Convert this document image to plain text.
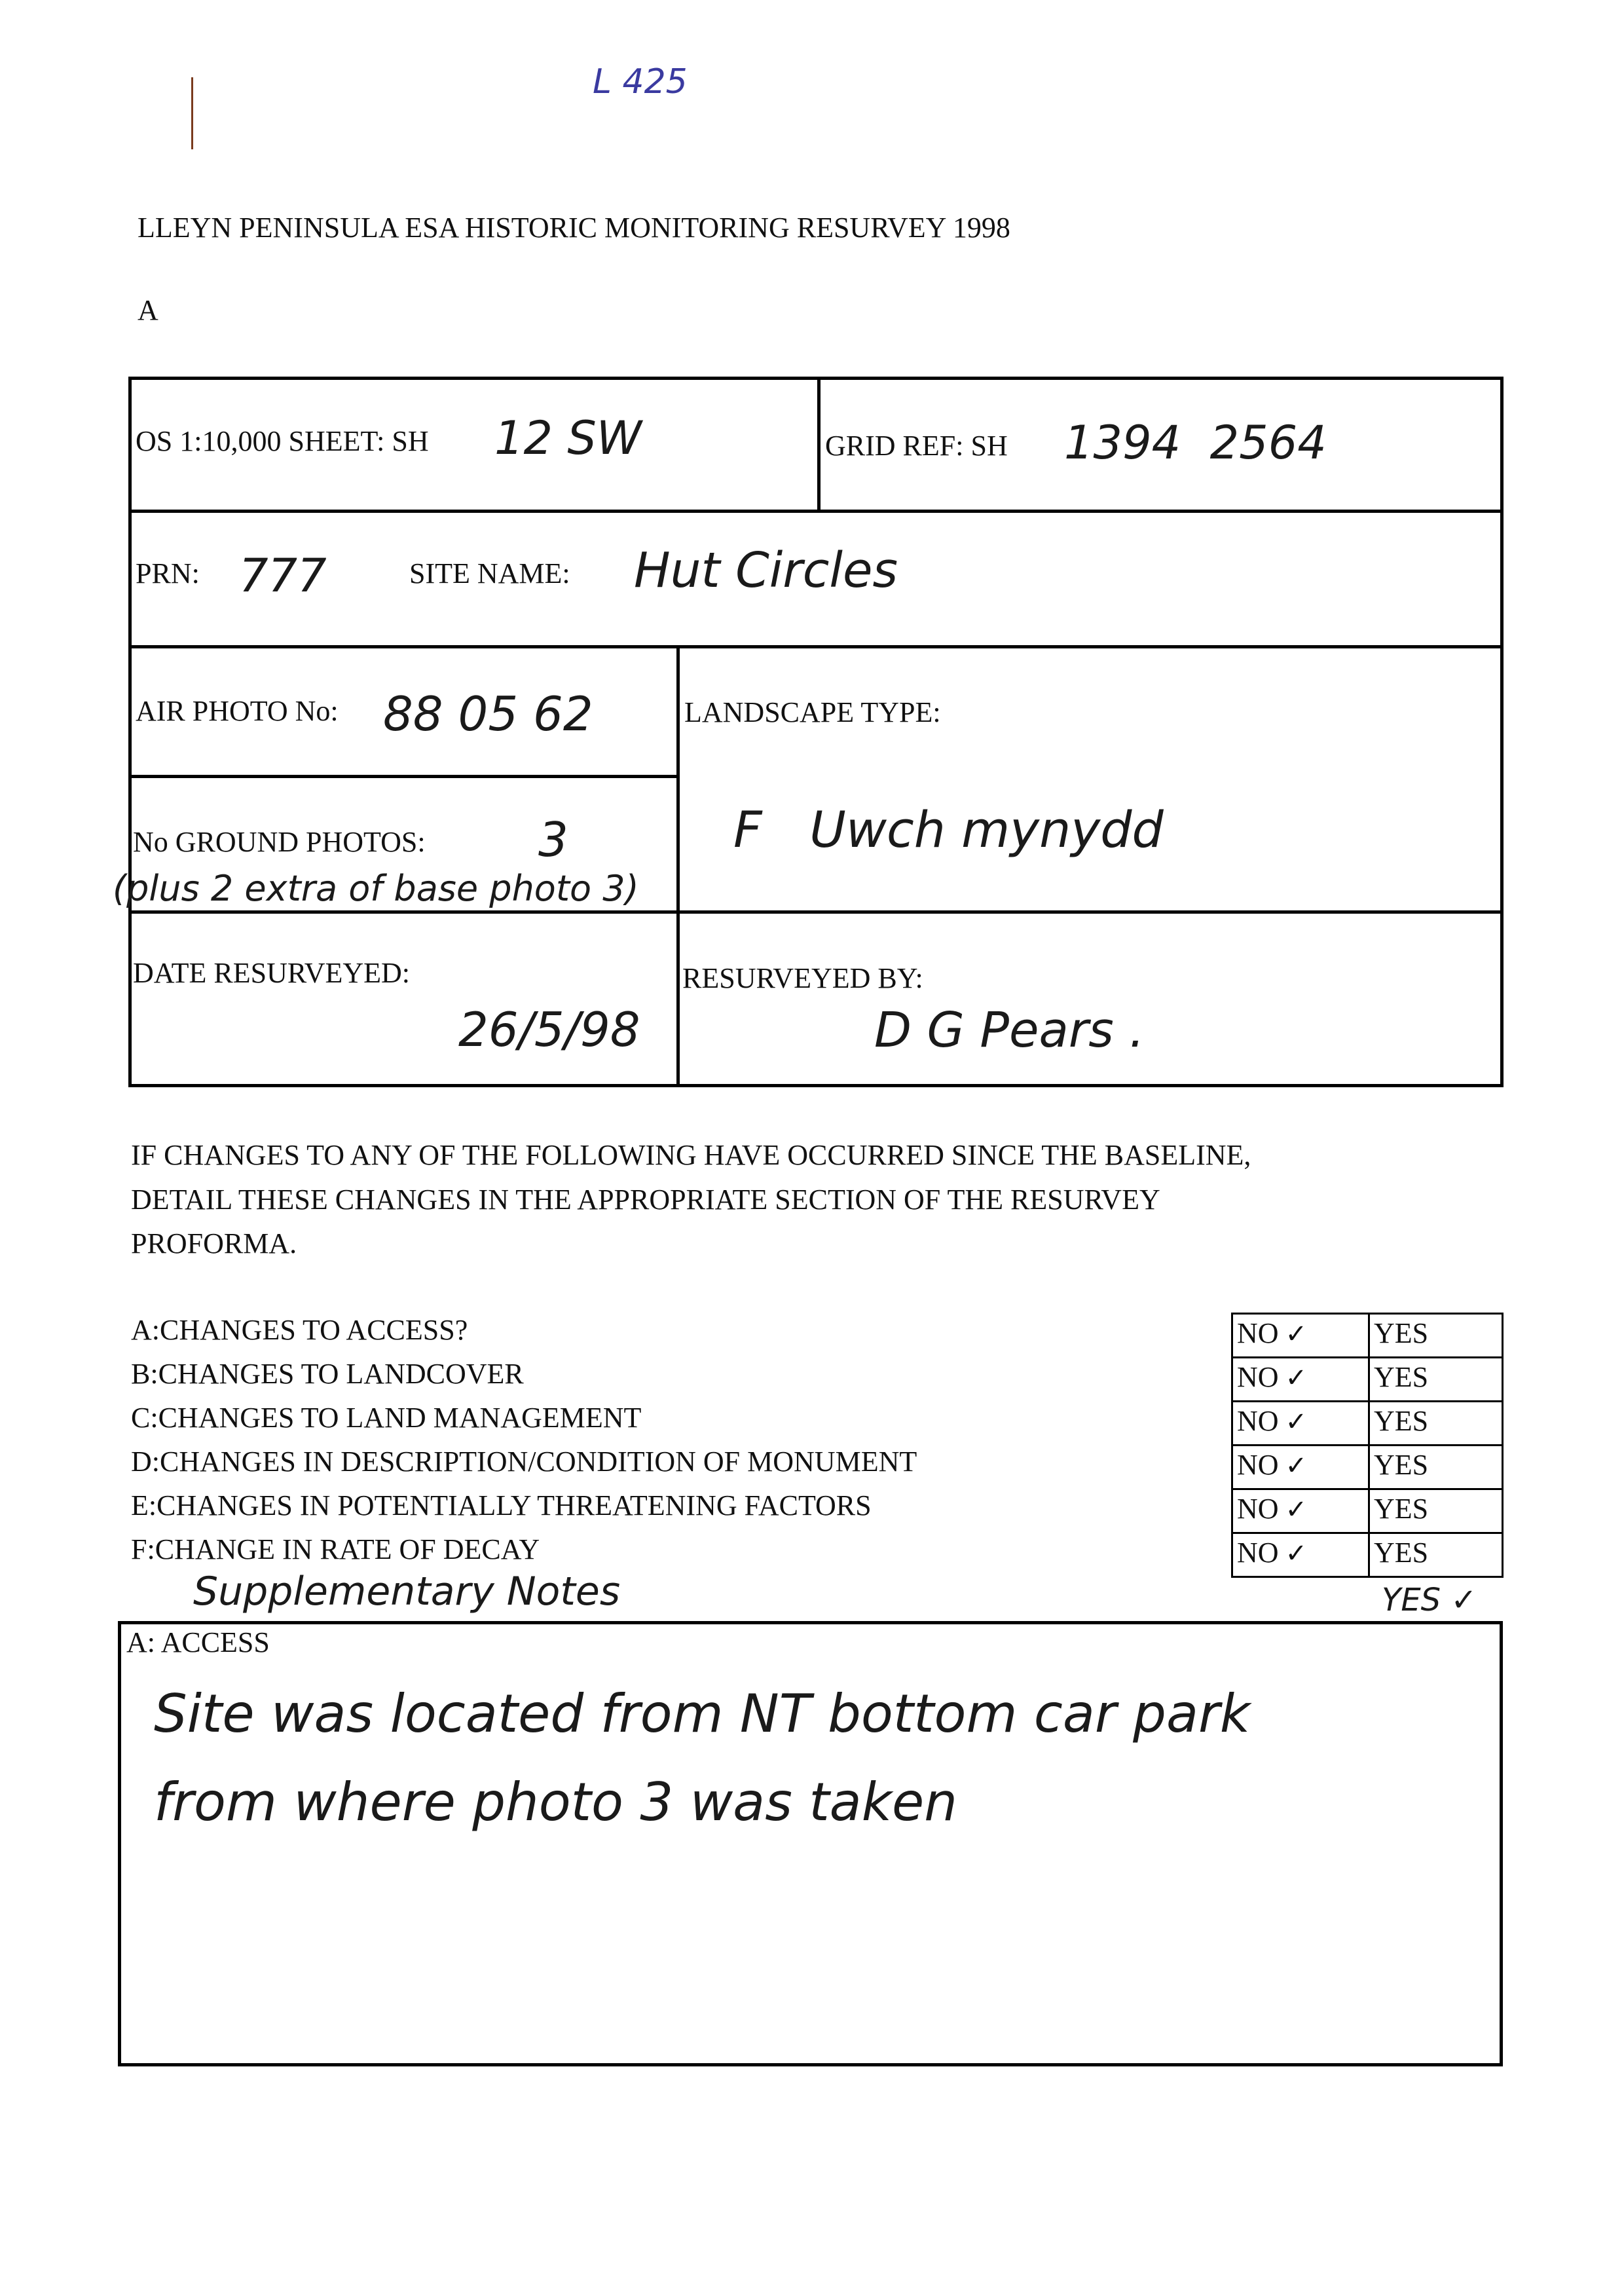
L 425
LLEYN PENINSULA ESA HISTORIC MONITORING RESURVEY 1998
A
OS 1:10,000 SHEET: SH 12 SW	GRID REF: SH 1394  2564
PRN: 777	SITE NAME: Hut Circles
AIR PHOTO No: 88 05 62	LANDSCAPE TYPE:
F   Uwch mynydd
No GROUND PHOTOS: 3
(plus 2 extra of base photo 3)
DATE RESURVEYED:
26/5/98
RESURVEYED BY:
D G Pears .
IF CHANGES TO ANY OF THE FOLLOWING HAVE OCCURRED SINCE THE BASELINE,
DETAIL THESE CHANGES IN THE APPROPRIATE SECTION OF THE RESURVEY
PROFORMA.
A:CHANGES TO ACCESS?
B:CHANGES TO LANDCOVER
C:CHANGES TO LAND MANAGEMENT
D:CHANGES IN DESCRIPTION/CONDITION OF MONUMENT
E:CHANGES IN POTENTIALLY THREATENING FACTORS
F:CHANGE IN RATE OF DECAY
NO ✓	YES
NO ✓	YES
NO ✓	YES
NO ✓	YES
NO ✓	YES
NO ✓	YES
YES ✓
Supplementary Notes
A: ACCESS
Site was located from NT bottom car park
from where photo 3 was taken
